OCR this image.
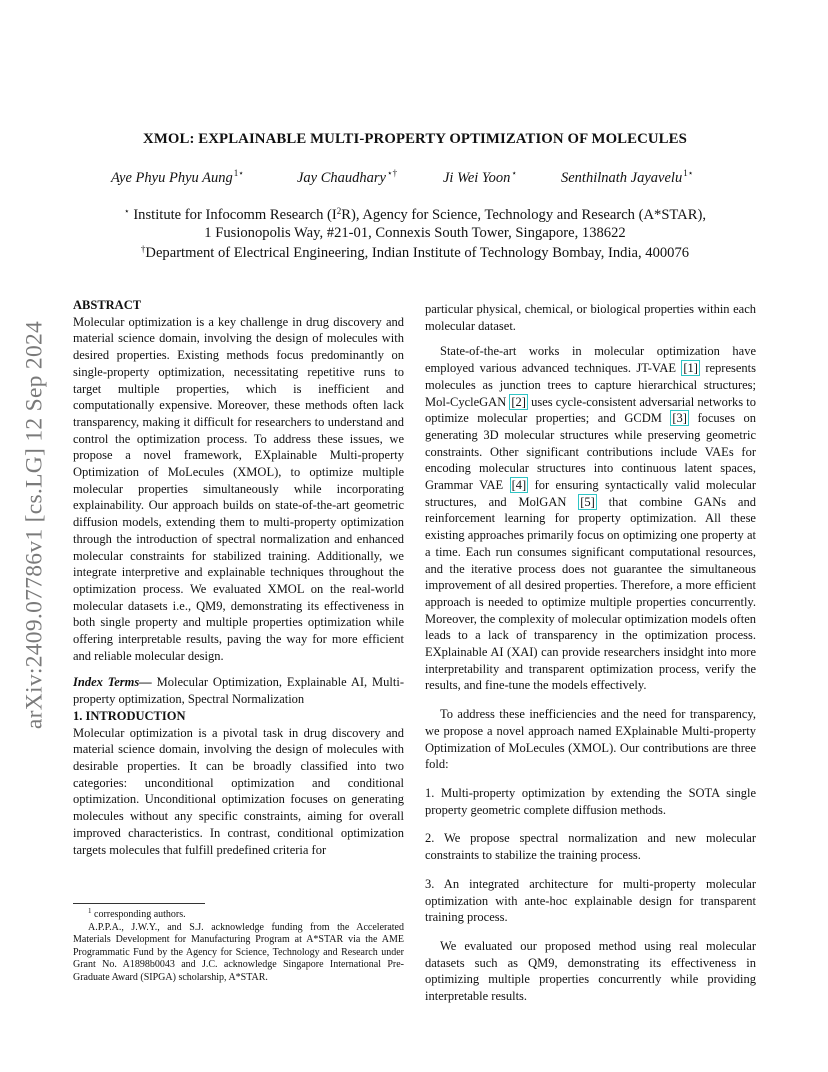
arXiv:2409.07786v1 [cs.LG] 12 Sep 2024
XMOL: EXPLAINABLE MULTI-PROPERTY OPTIMIZATION OF MOLECULES
Aye Phyu Phyu Aung$^{1⋆}$	Jay Chaudhary⋆†	Ji Wei Yoon⋆	Senthilnath Jayavelu$^{1⋆}$
⋆ Institute for Infocomm Research $(I^2R)$, Agency for Science, Technology and Research (A*STAR),
1 Fusionopolis Way, #21-01, Connexis South Tower, Singapore, 138622
†Department of Electrical Engineering, Indian Institute of Technology Bombay, India, 400076

ABSTRACT

Molecular optimization is a key challenge in drug discovery and material science domain, involving the design of molecules with desired properties. Existing methods focus predominantly on single-property optimization, necessitating repetitive runs to target multiple properties, which is inefficient and computationally expensive. Moreover, these methods often lack transparency, making it difficult for researchers to understand and control the optimization process. To address these issues, we propose a novel framework, EXplainable Multi-property Optimization of MoLecules (XMOL), to optimize multiple molecular properties simultaneously while incorporating explainability. Our approach builds on state-of-the-art geometric diffusion models, extending them to multi-property optimization through the introduction of spectral normalization and enhanced molecular constraints for stabilized training. Additionally, we integrate interpretive and explainable techniques throughout the optimization process. We evaluated XMOL on the real-world molecular datasets i.e., QM9, demonstrating its effectiveness in both single property and multiple properties optimization while offering interpretable results, paving the way for more efficient and reliable molecular design.

Index Terms— Molecular Optimization, Explainable AI, Multi-property optimization, Spectral Normalization

1. INTRODUCTION

Molecular optimization is a pivotal task in drug discovery and material science domain, involving the design of molecules with desirable properties. It can be broadly classified into two categories: unconditional optimization and conditional optimization. Unconditional optimization focuses on generating molecules without any specific constraints, aiming for overall improved characteristics. In contrast, conditional optimization targets molecules that fulfill predefined criteria for

particular physical, chemical, or biological properties within each molecular dataset.

State-of-the-art works in molecular optimization have employed various advanced techniques. JT-VAE [1] represents molecules as junction trees to capture hierarchical structures; Mol-CycleGAN [2] uses cycle-consistent adversarial networks to optimize molecular properties; and GCDM [3] focuses on generating 3D molecular structures while preserving geometric constraints. Other significant contributions include VAEs for encoding molecular structures into continuous latent spaces, Grammar VAE [4] for ensuring syntactically valid molecular structures, and MolGAN [5] that combine GANs and reinforcement learning for property optimization. All these existing approaches primarily focus on optimizing one property at a time. Each run consumes significant computational resources, and the iterative process does not guarantee the simultaneous improvement of all desired properties. Therefore, a more efficient approach is needed to optimize multiple properties concurrently. Moreover, the complexity of molecular optimization models often leads to a lack of transparency in the optimization process. EXplainable AI (XAI) can provide researchers insidght into more interpretability and transparent optimization process, verify the results, and fine-tune the models effectively.

To address these inefficiencies and the need for transparency, we propose a novel approach named EXplainable Multi-property Optimization of MoLecules (XMOL). Our contributions are three fold:

1. Multi-property optimization by extending the SOTA single property geometric complete diffusion methods.

2. We propose spectral normalization and new molecular constraints to stabilize the training process.

3. An integrated architecture for multi-property molecular optimization with ante-hoc explainable design for transparent training process.

We evaluated our proposed method using real molecular datasets such as QM9, demonstrating its effectiveness in optimizing multiple properties concurrently while providing interpretable results.

$^1$ corresponding authors.

A.P.P.A., J.W.Y., and S.J. acknowledge funding from the Accelerated Materials Development for Manufacturing Program at A*STAR via the AME Programmatic Fund by the Agency for Science, Technology and Research under Grant No. A1898b0043 and J.C. acknowledge Singapore International Pre-Graduate Award (SIPGA) scholarship, A*STAR.
